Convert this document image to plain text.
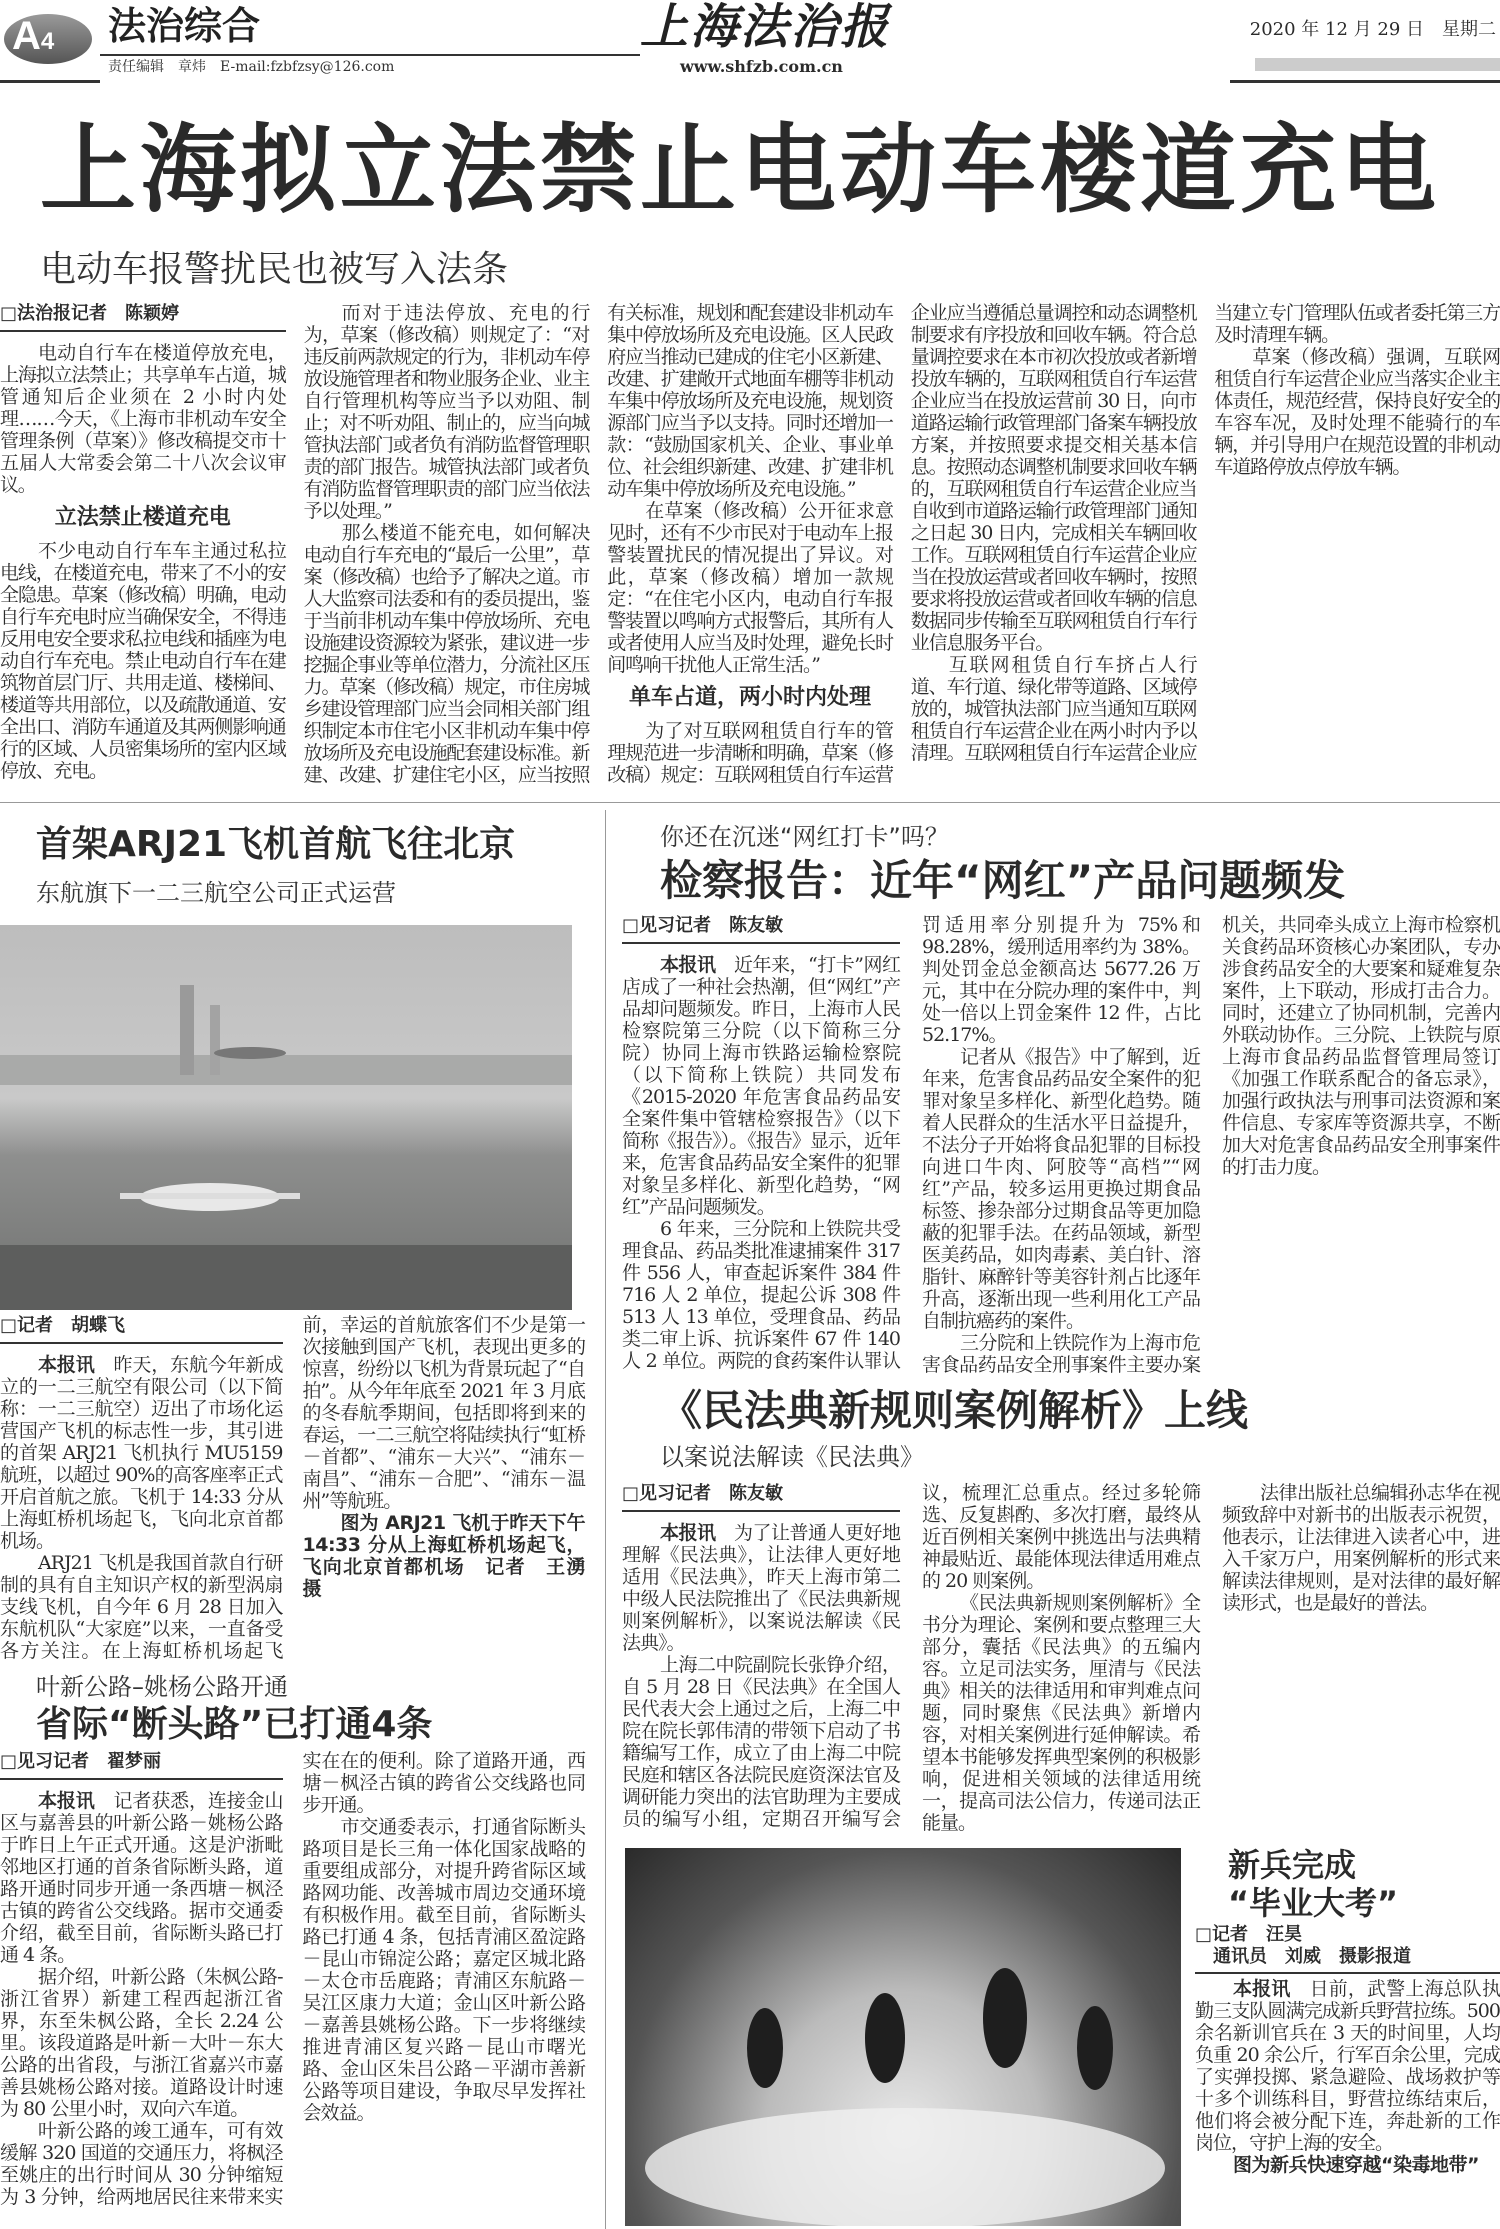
A4	法治综合
责任编辑　章炜　E-mail:fzbfzsy@126.com
上海法治报
www.shfzb.com.cn
2020 年 12 月 29 日　星期二
上海拟立法禁止电动车楼道充电
电动车报警扰民也被写入法条

□法治报记者　陈颖婷

电动自行车在楼道停放充电，上海拟立法禁止；共享单车占道，城管通知后企业须在 2 小时内处理……今天，《上海市非机动车安全管理条例（草案）》修改稿提交市十五届人大常委会第二十八次会议审议。

立法禁止楼道充电

不少电动自行车车主通过私拉电线，在楼道充电，带来了不小的安全隐患。草案（修改稿）明确，电动自行车充电时应当确保安全，不得违反用电安全要求私拉电线和插座为电动自行车充电。禁止电动自行车在建筑物首层门厅、共用走道、楼梯间、楼道等共用部位，以及疏散通道、安全出口、消防车通道及其两侧影响通行的区域、人员密集场所的室内区域停放、充电。

而对于违法停放、充电的行为，草案（修改稿）则规定了：“对违反前两款规定的行为，非机动车停放设施管理者和物业服务企业、业主自行管理机构等应当予以劝阻、制止；对不听劝阻、制止的，应当向城管执法部门或者负有消防监督管理职责的部门报告。城管执法部门或者负有消防监督管理职责的部门应当依法予以处理。”

那么楼道不能充电，如何解决电动自行车充电的“最后一公里”，草案（修改稿）也给予了解决之道。市人大监察司法委和有的委员提出，鉴于当前非机动车集中停放场所、充电设施建设资源较为紧张，建议进一步挖掘企事业等单位潜力，分流社区压力。草案（修改稿）规定，市住房城乡建设管理部门应当会同相关部门组织制定本市住宅小区非机动车集中停放场所及充电设施配套建设标准。新建、改建、扩建住宅小区，应当按照有关标准，规划和配套建设非机动车集中停放场所及充电设施。区人民政府应当推动已建成的住宅小区新建、改建、扩建敞开式地面车棚等非机动车集中停放场所及充电设施，规划资源部门应当予以支持。同时还增加一款：“鼓励国家机关、企业、事业单位、社会组织新建、改建、扩建非机动车集中停放场所及充电设施。”

在草案（修改稿）公开征求意见时，还有不少市民对于电动车上报警装置扰民的情况提出了异议。对此，草案（修改稿）增加一款规定：“在住宅小区内，电动自行车报警装置以鸣响方式报警后，其所有人或者使用人应当及时处理，避免长时间鸣响干扰他人正常生活。”

单车占道，两小时内处理

为了对互联网租赁自行车的管理规范进一步清晰和明确，草案（修改稿）规定：互联网租赁自行车运营企业应当遵循总量调控和动态调整机制要求有序投放和回收车辆。符合总量调控要求在本市初次投放或者新增投放车辆的，互联网租赁自行车运营企业应当在投放运营前 30 日，向市道路运输行政管理部门备案车辆投放方案，并按照要求提交相关基本信息。按照动态调整机制要求回收车辆的，互联网租赁自行车运营企业应当自收到市道路运输行政管理部门通知之日起 30 日内，完成相关车辆回收工作。互联网租赁自行车运营企业应当在投放运营或者回收车辆时，按照要求将投放运营或者回收车辆的信息数据同步传输至互联网租赁自行车行业信息服务平台。

互联网租赁自行车挤占人行道、车行道、绿化带等道路、区域停放的，城管执法部门应当通知互联网租赁自行车运营企业在两小时内予以清理。互联网租赁自行车运营企业应当建立专门管理队伍或者委托第三方及时清理车辆。

草案（修改稿）强调，互联网租赁自行车运营企业应当落实企业主体责任，规范经营，保持良好安全的车容车况，及时处理不能骑行的车辆，并引导用户在规范设置的非机动车道路停放点停放车辆。

首架ARJ21飞机首航飞往北京
东航旗下一二三航空公司正式运营

□记者　胡蝶飞

本报讯　 昨天，东航今年新成立的一二三航空有限公司（以下简称：一二三航空）迈出了市场化运营国产飞机的标志性一步，其引进的首架 ARJ21 飞机执行 MU5159 航班，以超过 90%的高客座率正式开启首航之旅。飞机于 14:33 分从上海虹桥机场起飞，飞向北京首都机场。

ARJ21 飞机是我国首款自行研制的具有自主知识产权的新型涡扇支线飞机，自今年 6 月 28 日加入东航机队“大家庭”以来，一直备受各方关注。在上海虹桥机场起飞前，幸运的首航旅客们不少是第一次接触到国产飞机，表现出更多的惊喜，纷纷以飞机为背景玩起了“自拍”。从今年年底至 2021 年 3 月底的冬春航季期间，包括即将到来的春运，一二三航空将陆续执行“虹桥－首都”、“浦东－大兴”、“浦东－南昌”、“浦东－合肥”、“浦东－温州”等航班。

图为 ARJ21 飞机于昨天下午 14:33 分从上海虹桥机场起飞，飞向北京首都机场　记者　王湧　摄

你还在沉迷“网红打卡”吗？
检察报告：近年“网红”产品问题频发

□见习记者　陈友敏

本报讯　 近年来，“打卡”网红店成了一种社会热潮，但“网红”产品却问题频发。昨日，上海市人民检察院第三分院（以下简称三分院）协同上海市铁路运输检察院（以下简称上铁院）共同发布《2015-2020 年危害食品药品安全案件集中管辖检察报告》（以下简称《报告》）。《报告》显示，近年来，危害食品药品安全案件的犯罪对象呈多样化、新型化趋势，“网红”产品问题频发。

6 年来，三分院和上铁院共受理食品、药品类批准逮捕案件 317 件 556 人，审查起诉案件 384 件 716 人 2 单位，提起公诉 308 件 513 人 13 单位，受理食品、药品类二审上诉、抗诉案件 67 件 140 人 2 单位。两院的食药案件认罪认罚适用率分别提升为 75%和 98.28%，缓刑适用率约为 38%。判处罚金总金额高达 5677.26 万元，其中在分院办理的案件中，判处一倍以上罚金案件 12 件，占比 52.17%。

记者从《报告》中了解到，近年来，危害食品药品安全案件的犯罪对象呈多样化、新型化趋势。随着人民群众的生活水平日益提升，不法分子开始将食品犯罪的目标投向进口牛肉、阿胶等“高档”“网红”产品，较多运用更换过期食品标签、掺杂部分过期食品等更加隐蔽的犯罪手法。在药品领域，新型医美药品，如肉毒素、美白针、溶脂针、麻醉针等美容针剂占比逐年升高，逐渐出现一些利用化工产品自制抗癌药的案件。

三分院和上铁院作为上海市危害食品药品安全刑事案件主要办案机关，共同牵头成立上海市检察机关食药品环资核心办案团队，专办涉食药品安全的大要案和疑难复杂案件，上下联动，形成打击合力。同时，还建立了协同机制，完善内外联动协作。三分院、上铁院与原上海市食品药品监督管理局签订《加强工作联系配合的备忘录》，加强行政执法与刑事司法资源和案件信息、专家库等资源共享，不断加大对危害食品药品安全刑事案件的打击力度。

《民法典新规则案例解析》上线
以案说法解读《民法典》

□见习记者　陈友敏

本报讯　 为了让普通人更好地理解《民法典》，让法律人更好地适用《民法典》，昨天上海市第二中级人民法院推出了《民法典新规则案例解析》，以案说法解读《民法典》。

上海二中院副院长张铮介绍，自 5 月 28 日《民法典》在全国人民代表大会上通过之后，上海二中院在院长郭伟清的带领下启动了书籍编写工作，成立了由上海二中院民庭和辖区各法院民庭资深法官及调研能力突出的法官助理为主要成员的编写小组，定期召开编写会议，梳理汇总重点。经过多轮筛选、反复斟酌、多次打磨，最终从近百例相关案例中挑选出与法典精神最贴近、最能体现法律适用难点的 20 则案例。

《民法典新规则案例解析》全书分为理论、案例和要点整理三大部分，囊括《民法典》的五编内容。立足司法实务，厘清与《民法典》相关的法律适用和审判难点问题，同时聚焦《民法典》新增内容，对相关案例进行延伸解读。希望本书能够发挥典型案例的积极影响，促进相关领域的法律适用统一，提高司法公信力，传递司法正能量。

法律出版社总编辑孙志华在视频致辞中对新书的出版表示祝贺，他表示，让法律进入读者心中，进入千家万户，用案例解析的形式来解读法律规则，是对法律的最好解读形式，也是最好的普法。

叶新公路–姚杨公路开通
省际“断头路”已打通4条

□见习记者　翟梦丽

本报讯　 记者获悉，连接金山区与嘉善县的叶新公路－姚杨公路于昨日上午正式开通。这是沪浙毗邻地区打通的首条省际断头路，道路开通时同步开通一条西塘－枫泾古镇的跨省公交线路。据市交通委介绍，截至目前，省际断头路已打通 4 条。

据介绍，叶新公路（朱枫公路-浙江省界）新建工程西起浙江省界，东至朱枫公路，全长 2.24 公里。该段道路是叶新－大叶－东大公路的出省段，与浙江省嘉兴市嘉善县姚杨公路对接。道路设计时速为 80 公里小时，双向六车道。

叶新公路的竣工通车，可有效缓解 320 国道的交通压力，将枫泾至姚庄的出行时间从 30 分钟缩短为 3 分钟，给两地居民往来带来实实在在的便利。除了道路开通，西塘－枫泾古镇的跨省公交线路也同步开通。

市交通委表示，打通省际断头路项目是长三角一体化国家战略的重要组成部分，对提升跨省际区域路网功能、改善城市周边交通环境有积极作用。截至目前，省际断头路已打通 4 条，包括青浦区盈淀路－昆山市锦淀公路；嘉定区城北路－太仓市岳鹿路；青浦区东航路－吴江区康力大道；金山区叶新公路－嘉善县姚杨公路。下一步将继续推进青浦区复兴路－昆山市曙光路、金山区朱吕公路－平湖市善新公路等项目建设，争取尽早发挥社会效益。

新兵完成
“毕业大考”
□记者　汪昊
通讯员　刘威　摄影报道

本报讯　 日前，武警上海总队执勤三支队圆满完成新兵野营拉练。500 余名新训官兵在 3 天的时间里，人均负重 20 余公斤，行军百余公里，完成了实弹投掷、紧急避险、战场救护等十多个训练科目，野营拉练结束后，他们将会被分配下连，奔赴新的工作岗位，守护上海的安全。

图为新兵快速穿越“染毒地带”
